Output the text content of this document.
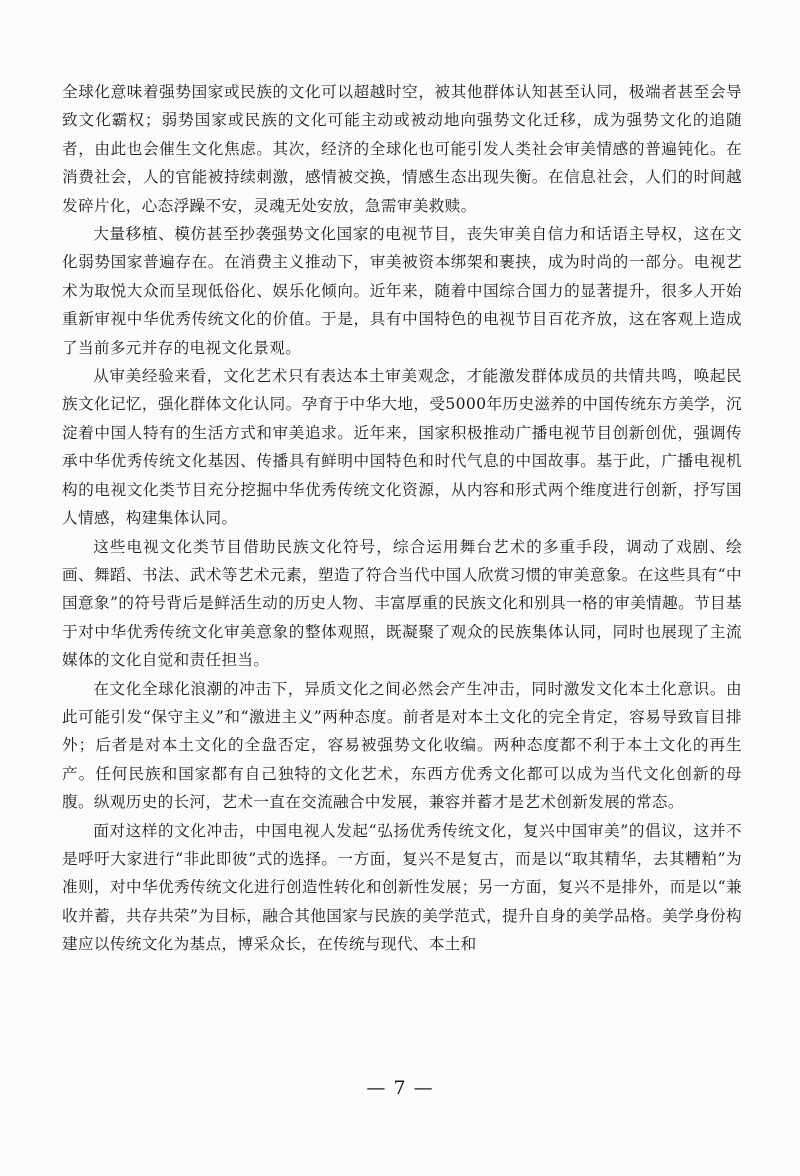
全球化意味着强势国家或民族的文化可以超越时空，被其他群体认知甚至认同，极端者甚至会导致文化霸权；弱势国家或民族的文化可能主动或被动地向强势文化迁移，成为强势文化的追随者，由此也会催生文化焦虑。其次，经济的全球化也可能引发人类社会审美情感的普遍钝化。在消费社会，人的官能被持续刺激，感情被交换，情感生态出现失衡。在信息社会，人们的时间越发碎片化，心态浮躁不安，灵魂无处安放，急需审美救赎。

大量移植、模仿甚至抄袭强势文化国家的电视节目，丧失审美自信力和话语主导权，这在文化弱势国家普遍存在。在消费主义推动下，审美被资本绑架和裹挟，成为时尚的一部分。电视艺术为取悦大众而呈现低俗化、娱乐化倾向。近年来，随着中国综合国力的显著提升，很多人开始重新审视中华优秀传统文化的价值。于是，具有中国特色的电视节目百花齐放，这在客观上造成了当前多元并存的电视文化景观。

从审美经验来看，文化艺术只有表达本土审美观念，才能激发群体成员的共情共鸣，唤起民族文化记忆，强化群体文化认同。孕育于中华大地，受5000年历史滋养的中国传统东方美学，沉淀着中国人特有的生活方式和审美追求。近年来，国家积极推动广播电视节目创新创优，强调传承中华优秀传统文化基因、传播具有鲜明中国特色和时代气息的中国故事。基于此，广播电视机构的电视文化类节目充分挖掘中华优秀传统文化资源，从内容和形式两个维度进行创新，抒写国人情感，构建集体认同。

这些电视文化类节目借助民族文化符号，综合运用舞台艺术的多重手段，调动了戏剧、绘画、舞蹈、书法、武术等艺术元素，塑造了符合当代中国人欣赏习惯的审美意象。在这些具有“中国意象”的符号背后是鲜活生动的历史人物、丰富厚重的民族文化和别具一格的审美情趣。节目基于对中华优秀传统文化审美意象的整体观照，既凝聚了观众的民族集体认同，同时也展现了主流媒体的文化自觉和责任担当。

在文化全球化浪潮的冲击下，异质文化之间必然会产生冲击，同时激发文化本土化意识。由此可能引发“保守主义”和“激进主义”两种态度。前者是对本土文化的完全肯定，容易导致盲目排外；后者是对本土文化的全盘否定，容易被强势文化收编。两种态度都不利于本土文化的再生产。任何民族和国家都有自己独特的文化艺术，东西方优秀文化都可以成为当代文化创新的母腹。纵观历史的长河，艺术一直在交流融合中发展，兼容并蓄才是艺术创新发展的常态。

面对这样的文化冲击，中国电视人发起“弘扬优秀传统文化，复兴中国审美”的倡议，这并不是呼吁大家进行“非此即彼”式的选择。一方面，复兴不是复古，而是以“取其精华，去其糟粕”为准则，对中华优秀传统文化进行创造性转化和创新性发展；另一方面，复兴不是排外，而是以“兼收并蓄，共存共荣”为目标，融合其他国家与民族的美学范式，提升自身的美学品格。美学身份构建应以传统文化为基点，博采众长，在传统与现代、本土和

— 7 —
